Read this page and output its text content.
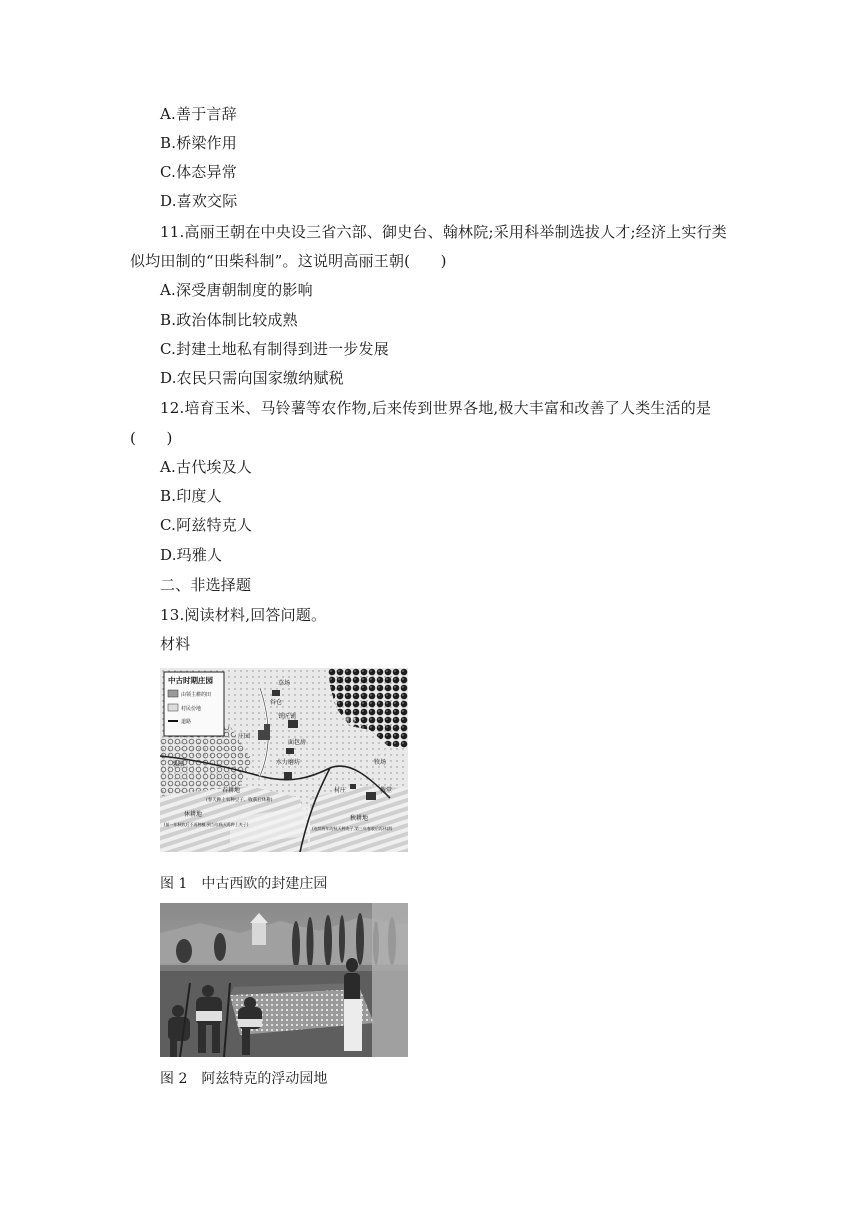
A.善于言辞
B.桥梁作用
C.体态异常
D.喜欢交际
11.高丽王朝在中央设三省六部、御史台、翰林院;采用科举制选拔人才;经济上实行类
似均田制的“田柴科制”。这说明高丽王朝(　　)
A.深受唐朝制度的影响
B.政治体制比较成熟
C.封建土地私有制得到进一步发展
D.农民只需向国家缴纳赋税
12.培育玉米、马铃薯等农作物,后来传到世界各地,极大丰富和改善了人类生活的是
(　　)
A.古代埃及人
B.印度人
C.阿兹特克人
D.玛雅人
二、非选择题
13.阅读材料,回答问题。
材料
中古时期庄园
由领主耕的田
村民份地
道路
草场
谷仓
铁匠铺
庄园
面包房
树林
果园	水力磨坊	牧场
村庄	教堂
春耕地
(春天种上农种豆子、收获后休耕)
休耕地
(前一年秋收后不再种植,到当年秋天再种上麦子)
秋耕地
(连续两年的秋天种麦子,第三年春收后再休耕)
图 1 中古西欧的封建庄园
图 2 阿兹特克的浮动园地
